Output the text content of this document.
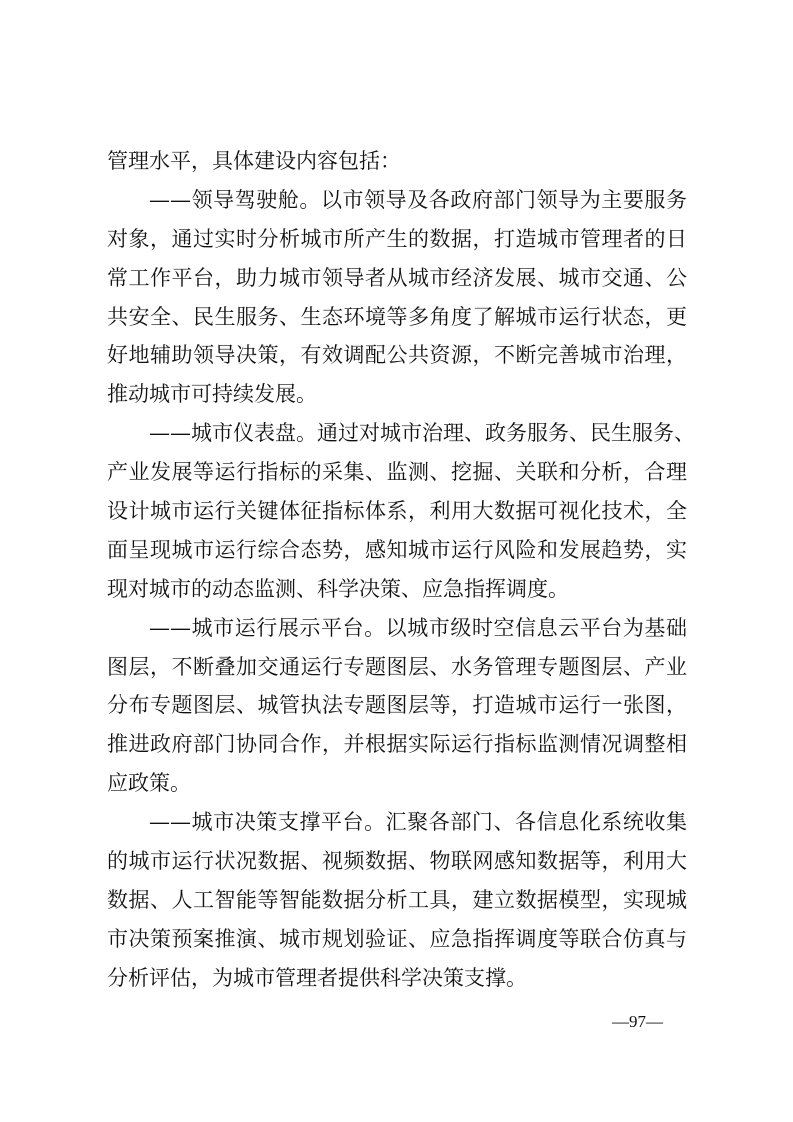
管理水平，具体建设内容包括：
——领导驾驶舱。以市领导及各政府部门领导为主要服务
对象，通过实时分析城市所产生的数据，打造城市管理者的日
常工作平台，助力城市领导者从城市经济发展、城市交通、公
共安全、民生服务、生态环境等多角度了解城市运行状态，更
好地辅助领导决策，有效调配公共资源，不断完善城市治理，
推动城市可持续发展。
——城市仪表盘。通过对城市治理、政务服务、民生服务、
产业发展等运行指标的采集、监测、挖掘、关联和分析，合理
设计城市运行关键体征指标体系，利用大数据可视化技术，全
面呈现城市运行综合态势，感知城市运行风险和发展趋势，实
现对城市的动态监测、科学决策、应急指挥调度。
——城市运行展示平台。以城市级时空信息云平台为基础
图层，不断叠加交通运行专题图层、水务管理专题图层、产业
分布专题图层、城管执法专题图层等，打造城市运行一张图，
推进政府部门协同合作，并根据实际运行指标监测情况调整相
应政策。
——城市决策支撑平台。汇聚各部门、各信息化系统收集
的城市运行状况数据、视频数据、物联网感知数据等，利用大
数据、人工智能等智能数据分析工具，建立数据模型，实现城
市决策预案推演、城市规划验证、应急指挥调度等联合仿真与
分析评估，为城市管理者提供科学决策支撑。
—97—
